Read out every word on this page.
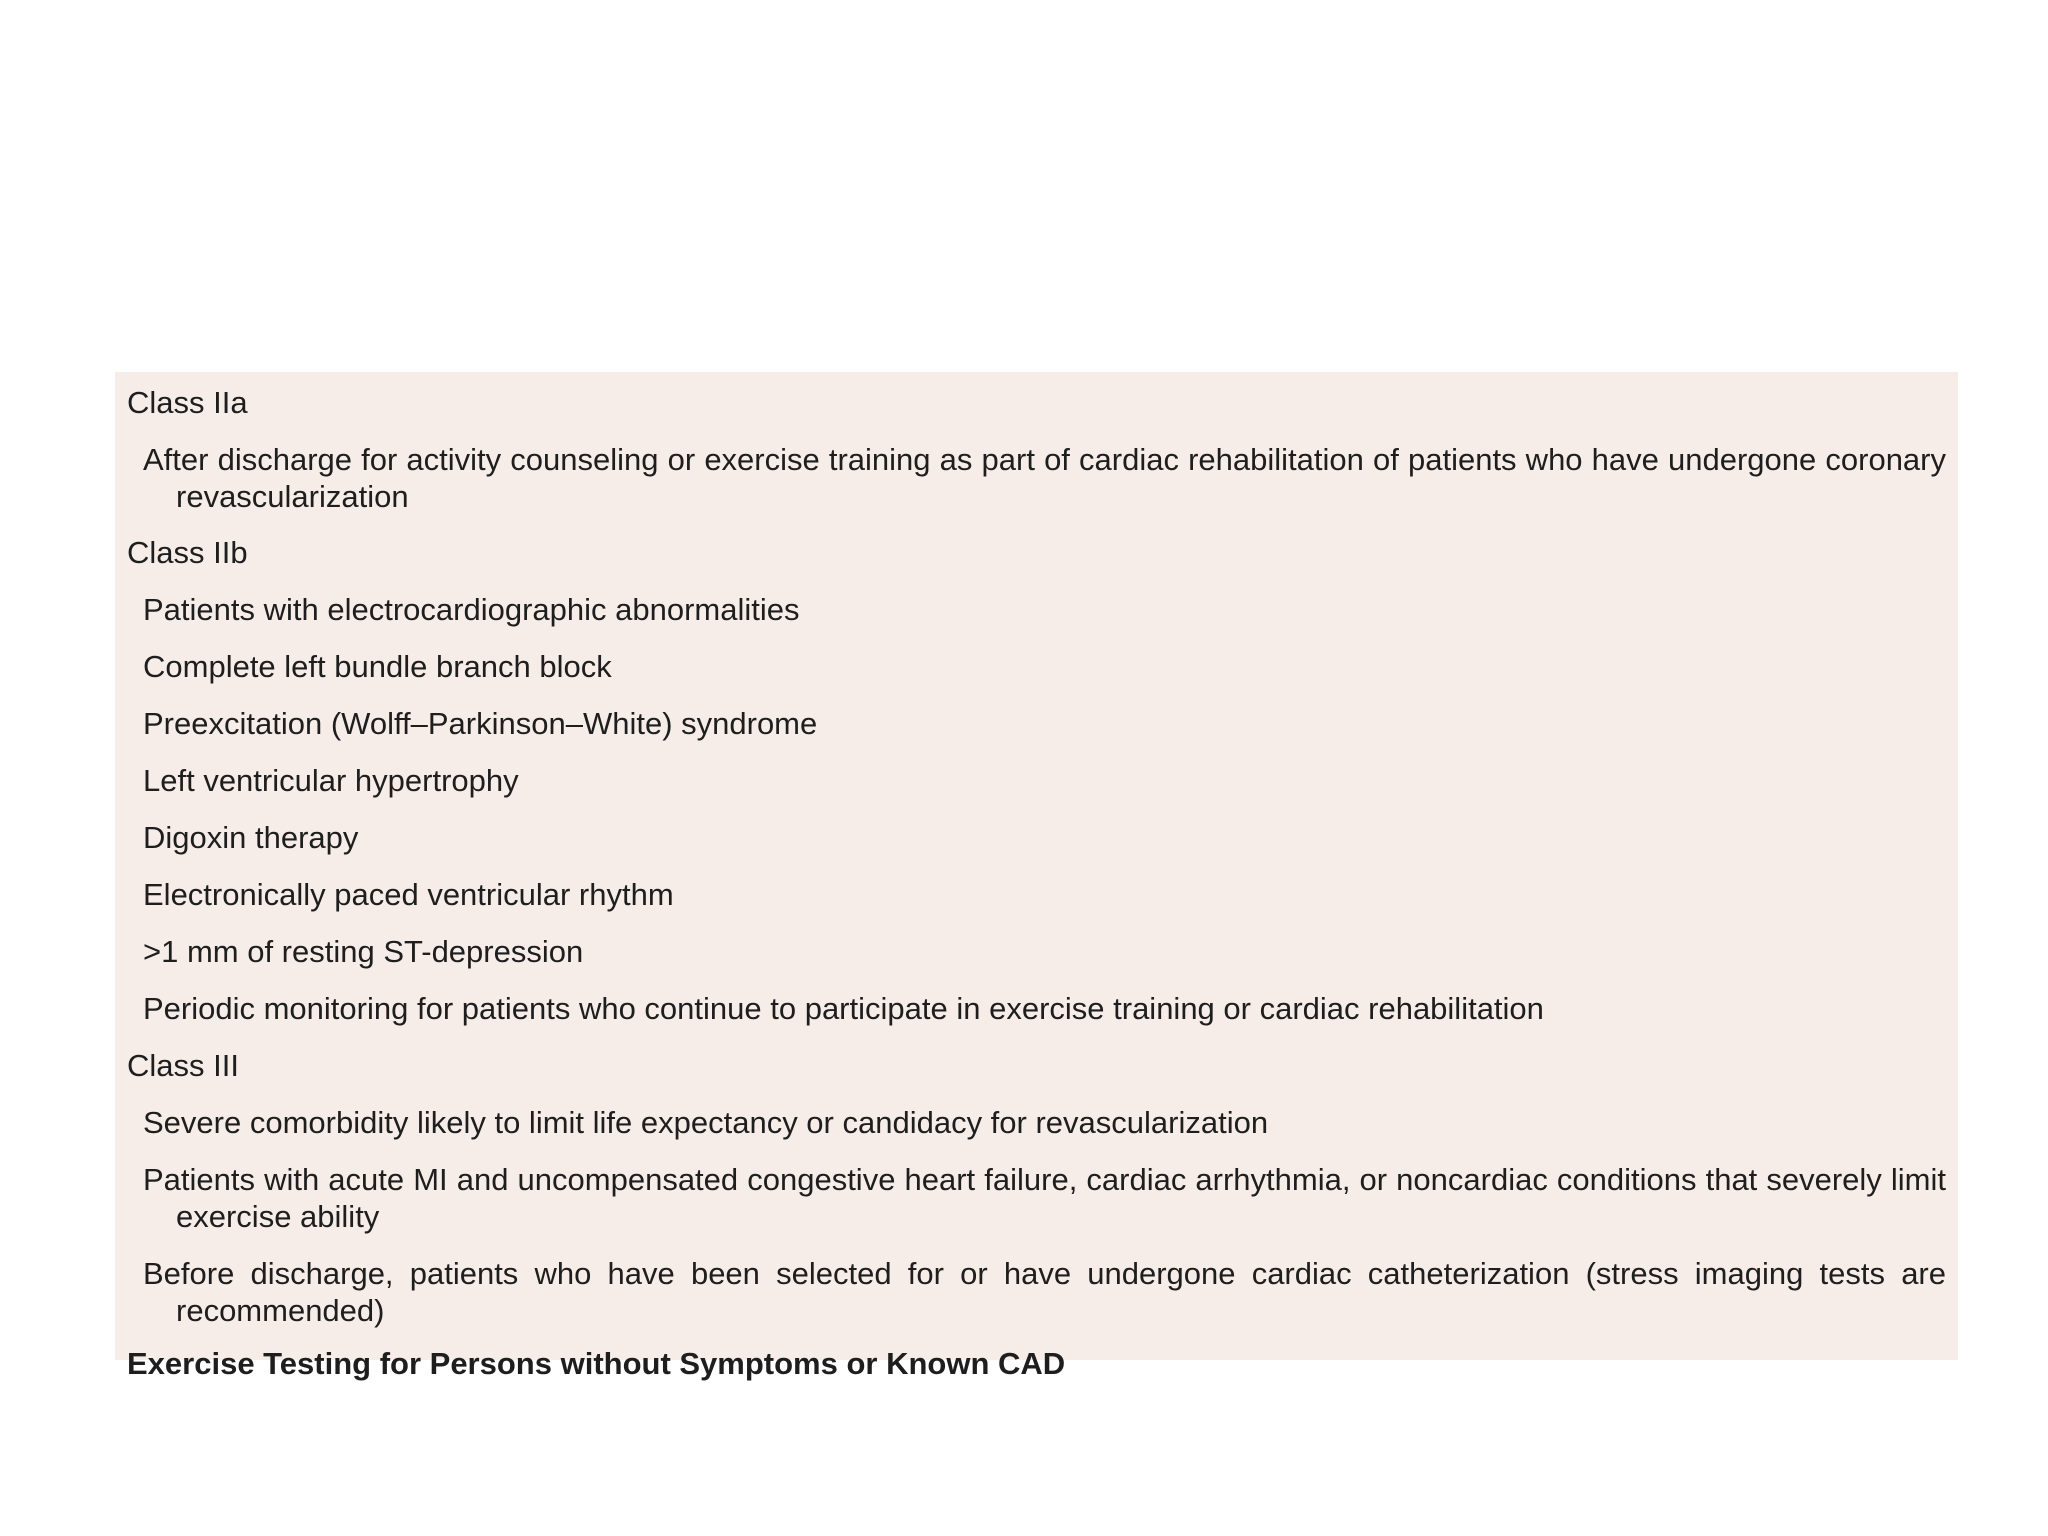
Class IIa
After discharge for activity counseling or exercise training as part of cardiac rehabilitation of patients who have undergone coronary revascularization
Class IIb
Patients with electrocardiographic abnormalities
Complete left bundle branch block
Preexcitation (Wolff–Parkinson–White) syndrome
Left ventricular hypertrophy
Digoxin therapy
Electronically paced ventricular rhythm
>1 mm of resting ST-depression
Periodic monitoring for patients who continue to participate in exercise training or cardiac rehabilitation
Class III
Severe comorbidity likely to limit life expectancy or candidacy for revascularization
Patients with acute MI and uncompensated congestive heart failure, cardiac arrhythmia, or noncardiac conditions that severely limit exercise ability
Before discharge, patients who have been selected for or have undergone cardiac catheterization (stress imaging tests are recommended)
Exercise Testing for Persons without Symptoms or Known CAD
